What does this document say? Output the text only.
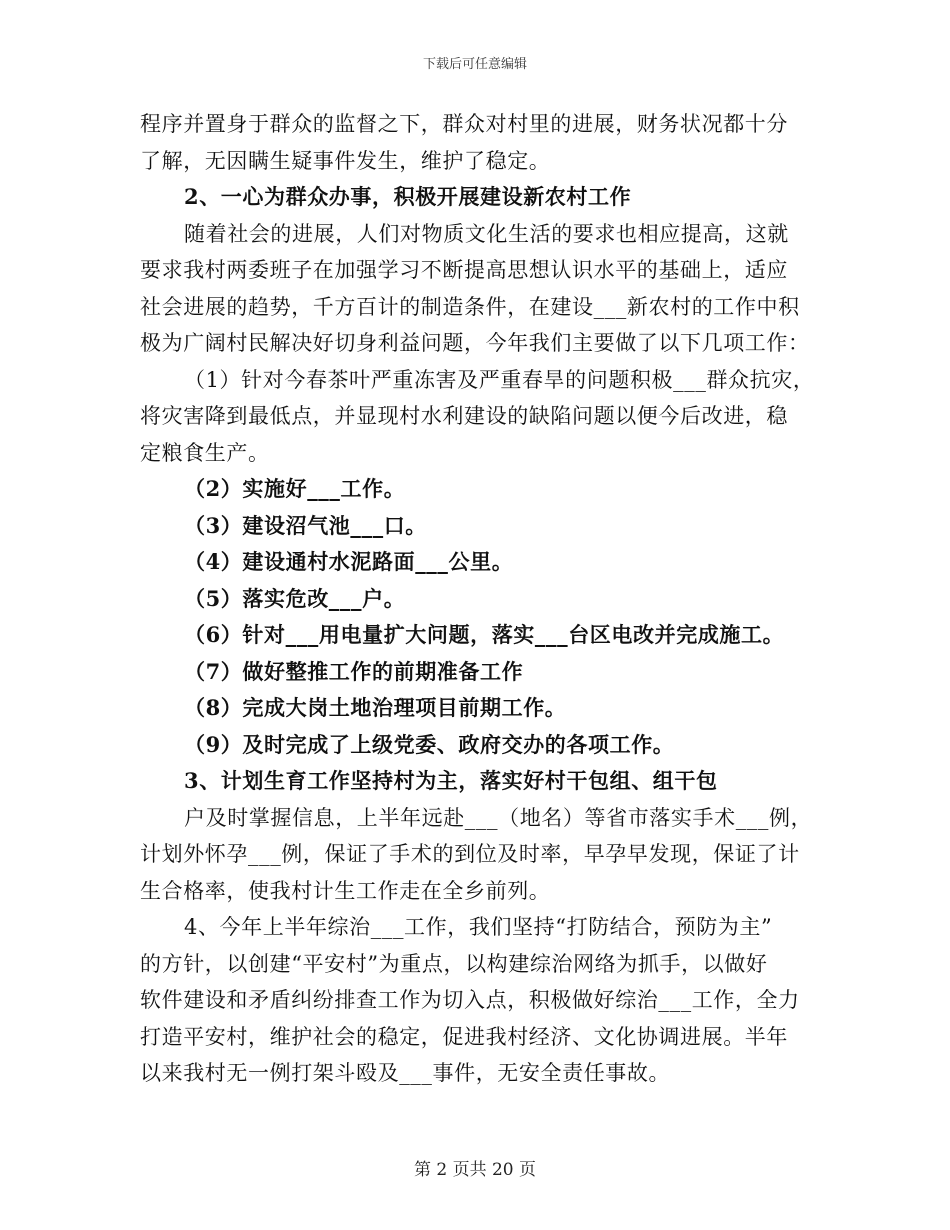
下载后可任意编辑
程序并置身于群众的监督之下，群众对村里的进展，财务状况都十分
了解，无因瞒生疑事件发生，维护了稳定。
2、一心为群众办事，积极开展建设新农村工作
随着社会的进展，人们对物质文化生活的要求也相应提高，这就
要求我村两委班子在加强学习不断提高思想认识水平的基础上，适应
社会进展的趋势，千方百计的制造条件，在建设___新农村的工作中积
极为广阔村民解决好切身利益问题，今年我们主要做了以下几项工作：
（1）针对今春茶叶严重冻害及严重春旱的问题积极___群众抗灾，
将灾害降到最低点，并显现村水利建设的缺陷问题以便今后改进，稳
定粮食生产。
（2）实施好___工作。
（3）建设沼气池___口。
（4）建设通村水泥路面___公里。
（5）落实危改___户。
（6）针对___用电量扩大问题，落实___台区电改并完成施工。
（7）做好整推工作的前期准备工作
（8）完成大岗土地治理项目前期工作。
（9）及时完成了上级党委、政府交办的各项工作。
3、计划生育工作坚持村为主，落实好村干包组、组干包
户及时掌握信息，上半年远赴___（地名）等省市落实手术___例，
计划外怀孕___例，保证了手术的到位及时率，早孕早发现，保证了计
生合格率，使我村计生工作走在全乡前列。
4、今年上半年综治___工作，我们坚持“打防结合，预防为主”
的方针，以创建“平安村”为重点，以构建综治网络为抓手，以做好
软件建设和矛盾纠纷排查工作为切入点，积极做好综治___工作，全力
打造平安村，维护社会的稳定，促进我村经济、文化协调进展。半年
以来我村无一例打架斗殴及___事件，无安全责任事故。
第 2 页共 20 页
